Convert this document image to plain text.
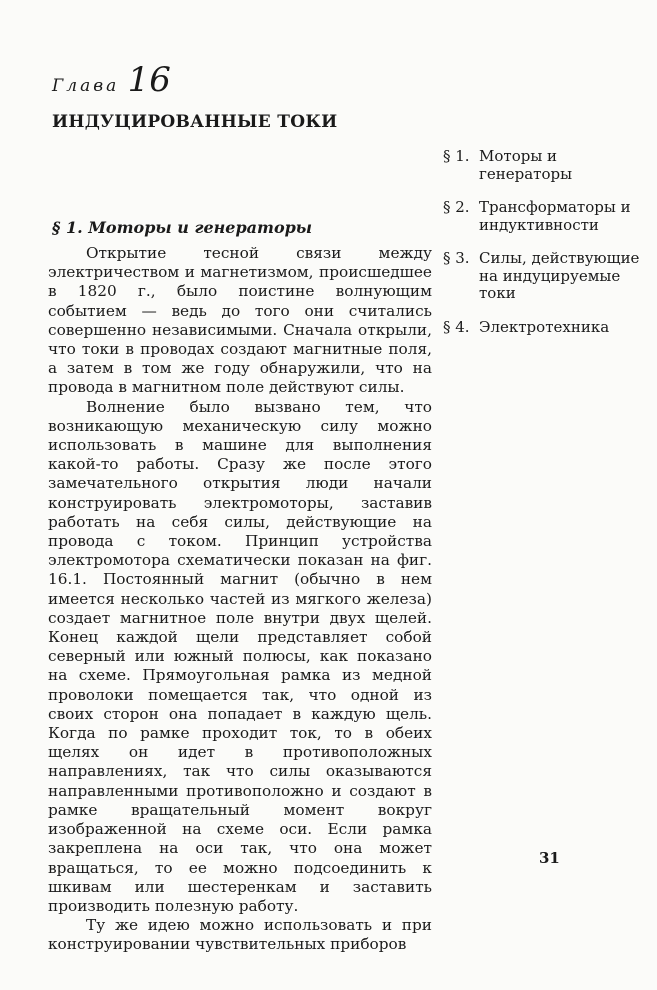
Глава 16
ИНДУЦИРОВАННЫЕ ТОКИ
§ 1. Моторы и генераторы

Открытие тесной связи между электричеством и магнетизмом, происшедшее в 1820 г., было поистине волнующим событием — ведь до того они считались совершенно независимыми. Сначала открыли, что токи в проводах создают магнитные поля, а затем в том же году обнаружили, что на провода в магнитном поле действуют силы.

Волнение было вызвано тем, что возникающую механическую силу можно использовать в машине для выполнения какой-то работы. Сразу же после этого замечательного открытия люди начали конструировать электромоторы, заставив работать на себя силы, действующие на провода с током. Принцип устройства электромотора схематически показан на фиг. 16.1. Постоянный магнит (обычно в нем имеется несколько частей из мягкого железа) создает магнитное поле внутри двух щелей. Конец каждой щели представляет собой северный или южный полюсы, как показано на схеме. Прямоугольная рамка из медной проволоки помещается так, что одной из своих сторон она попадает в каждую щель. Когда по рамке проходит ток, то в обеих щелях он идет в противоположных направлениях, так что силы оказываются направленными противоположно и создают в рамке вращательный момент вокруг изображенной на схеме оси. Если рамка закреплена на оси так, что она может вращаться, то ее можно подсоединить к шкивам или шестеренкам и заставить производить полезную работу.

Ту же идею можно использовать и при конструировании чувствительных приборов

§ 1. Моторы и генераторы
§ 2. Трансформаторы и индуктивности
§ 3. Силы, действующие на индуцируемые токи
§ 4. Электротехника
31
